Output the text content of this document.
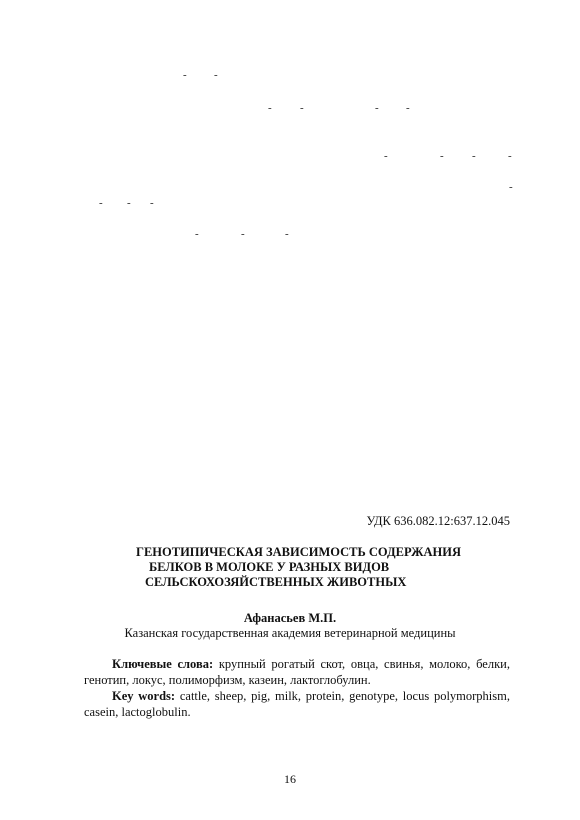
- -
-	-	- -
-	-	-	-
-
- - -
-	-	-
УДК 636.082.12:637.12.045
ГЕНОТИПИЧЕСКАЯ ЗАВИСИМОСТЬ СОДЕРЖАНИЯ
БЕЛКОВ В МОЛОКЕ У РАЗНЫХ ВИДОВ
СЕЛЬСКОХОЗЯЙСТВЕННЫХ ЖИВОТНЫХ
Афанасьев М.П.
Казанская государственная академия ветеринарной медицины
Ключевые слова: крупный рогатый скот, овца, свинья, молоко, белки, генотип, локус, полиморфизм, казеин, лактоглобулин.
Key words: cattle, sheep, pig, milk, protein, genotype, locus polymorphism, casein, lactoglobulin.
16
